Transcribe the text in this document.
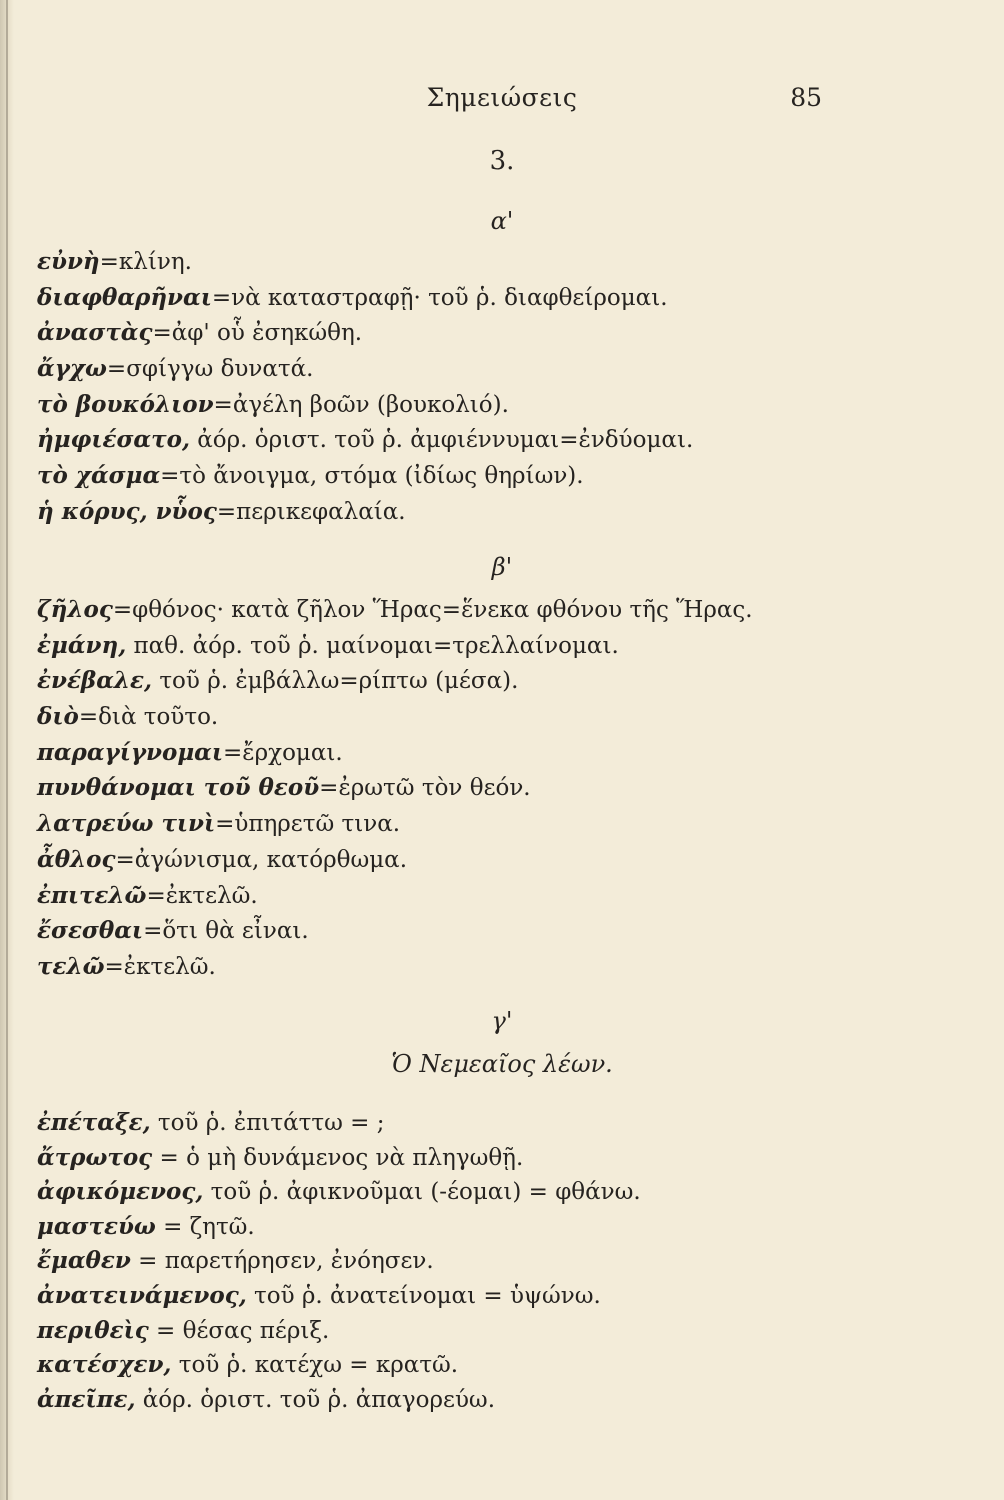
Σημειώσεις	85
3.
α'
εὐνὴ=κλίνη.
διαφθαρῆναι=νὰ καταστραφῇ· τοῦ ῥ. διαφθείρομαι.
ἀναστὰς=ἀφ' οὗ ἐσηκώθη.
ἄγχω=σφίγγω δυνατά.
τὸ βουκόλιον=ἀγέλη βοῶν (βουκολιό).
ἠμφιέσατο, ἀόρ. ὁριστ. τοῦ ῥ. ἀμφιέννυμαι=ἐνδύομαι.
τὸ χάσμα=τὸ ἄνοιγμα, στόμα (ἰδίως θηρίων).
ἡ κόρυς, νὗος=περικεφαλαία.
β'
ζῆλος=φθόνος· κατὰ ζῆλον Ἥρας=ἕνεκα φθόνου τῆς Ἥρας.
ἐμάνη, παθ. ἀόρ. τοῦ ῥ. μαίνομαι=τρελλαίνομαι.
ἐνέβαλε, τοῦ ῥ. ἐμβάλλω=ρίπτω (μέσα).
διὸ=διὰ τοῦτο.
παραγίγνομαι=ἔρχομαι.
πυνθάνομαι τοῦ θεοῦ=ἐρωτῶ τὸν θεόν.
λατρεύω τινὶ=ὑπηρετῶ τινα.
ἆθλος=ἀγώνισμα, κατόρθωμα.
ἐπιτελῶ=ἐκτελῶ.
ἔσεσθαι=ὅτι θὰ εἶναι.
τελῶ=ἐκτελῶ.
γ'
Ὁ Νεμεαῖος λέων.
ἐπέταξε, τοῦ ῥ. ἐπιτάττω = ;
ἄτρωτος = ὁ μὴ δυνάμενος νὰ πληγωθῇ.
ἀφικόμενος, τοῦ ῥ. ἀφικνοῦμαι (-έομαι) = φθάνω.
μαστεύω = ζητῶ.
ἔμαθεν = παρετήρησεν, ἐνόησεν.
ἀνατεινάμενος, τοῦ ῥ. ἀνατείνομαι = ὑψώνω.
περιθεὶς = θέσας πέριξ.
κατέσχεν, τοῦ ῥ. κατέχω = κρατῶ.
ἀπεῖπε, ἀόρ. ὁριστ. τοῦ ῥ. ἀπαγορεύω.
